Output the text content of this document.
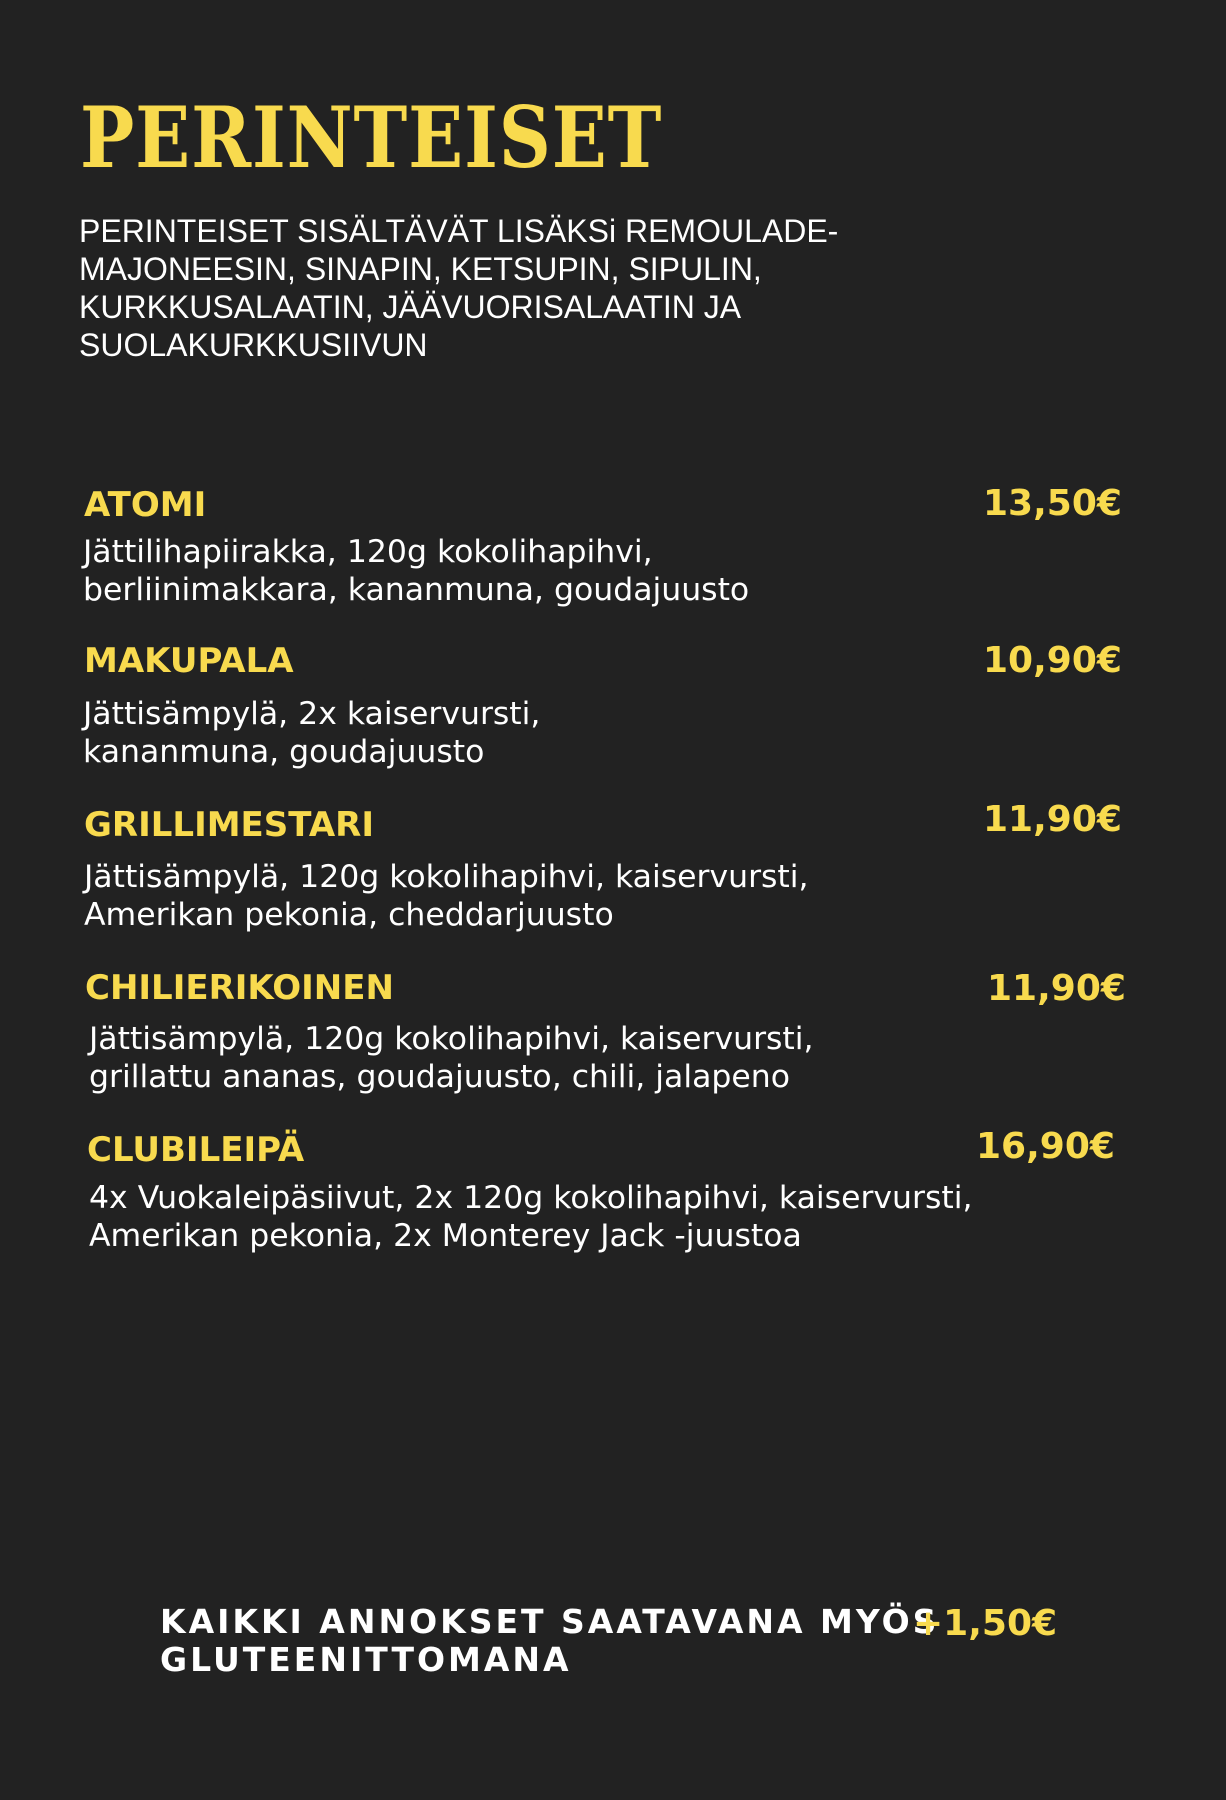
PERINTEISET

PERINTEISET SISÄLTÄVÄT LISÄKSi REMOULADE-
MAJONEESIN, SINAPIN, KETSUPIN, SIPULIN,
KURKKUSALAATIN, JÄÄVUORISALAATIN JA
SUOLAKURKKUSIIVUN

ATOMI	13,50€
Jättilihapiirakka, 120g kokolihapihvi,
berliinimakkara, kananmuna, goudajuusto
MAKUPALA	10,90€
Jättisämpylä, 2x kaiservursti,
kananmuna, goudajuusto
GRILLIMESTARI	11,90€
Jättisämpylä, 120g kokolihapihvi, kaiservursti,
Amerikan pekonia, cheddarjuusto
CHILIERIKOINEN	11,90€
Jättisämpylä, 120g kokolihapihvi, kaiservursti,
grillattu ananas, goudajuusto, chili, jalapeno
CLUBILEIPÄ	16,90€
4x Vuokaleipäsiivut, 2x 120g kokolihapihvi, kaiservursti,
Amerikan pekonia, 2x Monterey Jack -juustoa

KAIKKI ANNOKSET SAATAVANA MYÖS
GLUTEENITTOMANA

+1,50€
